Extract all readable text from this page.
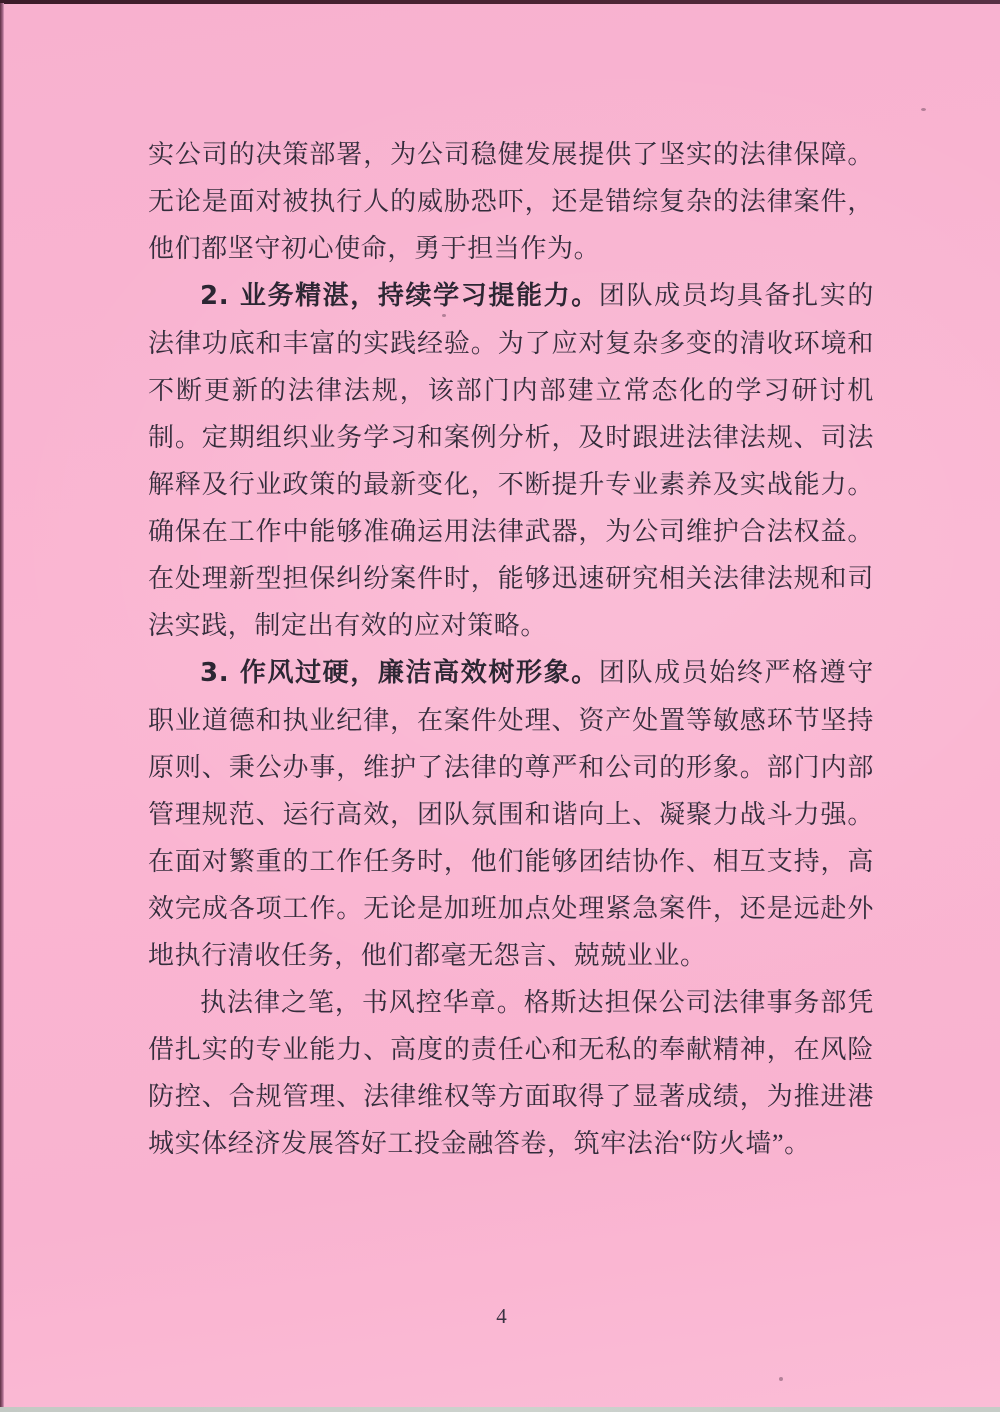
实公司的决策部署，为公司稳健发展提供了坚实的法律保障。无论是面对被执行人的威胁恐吓，还是错综复杂的法律案件，他们都坚守初心使命，勇于担当作为。

2. 业务精湛，持续学习提能力。团队成员均具备扎实的法律功底和丰富的实践经验。为了应对复杂多变的清收环境和不断更新的法律法规，该部门内部建立常态化的学习研讨机制。定期组织业务学习和案例分析，及时跟进法律法规、司法解释及行业政策的最新变化，不断提升专业素养及实战能力。确保在工作中能够准确运用法律武器，为公司维护合法权益。在处理新型担保纠纷案件时，能够迅速研究相关法律法规和司法实践，制定出有效的应对策略。

3. 作风过硬，廉洁高效树形象。团队成员始终严格遵守职业道德和执业纪律，在案件处理、资产处置等敏感环节坚持原则、秉公办事，维护了法律的尊严和公司的形象。部门内部管理规范、运行高效，团队氛围和谐向上、凝聚力战斗力强。在面对繁重的工作任务时，他们能够团结协作、相互支持，高效完成各项工作。无论是加班加点处理紧急案件，还是远赴外地执行清收任务，他们都毫无怨言、兢兢业业。

执法律之笔，书风控华章。格斯达担保公司法律事务部凭借扎实的专业能力、高度的责任心和无私的奉献精神，在风险防控、合规管理、法律维权等方面取得了显著成绩，为推进港城实体经济发展答好工投金融答卷，筑牢法治“防火墙”。

4
